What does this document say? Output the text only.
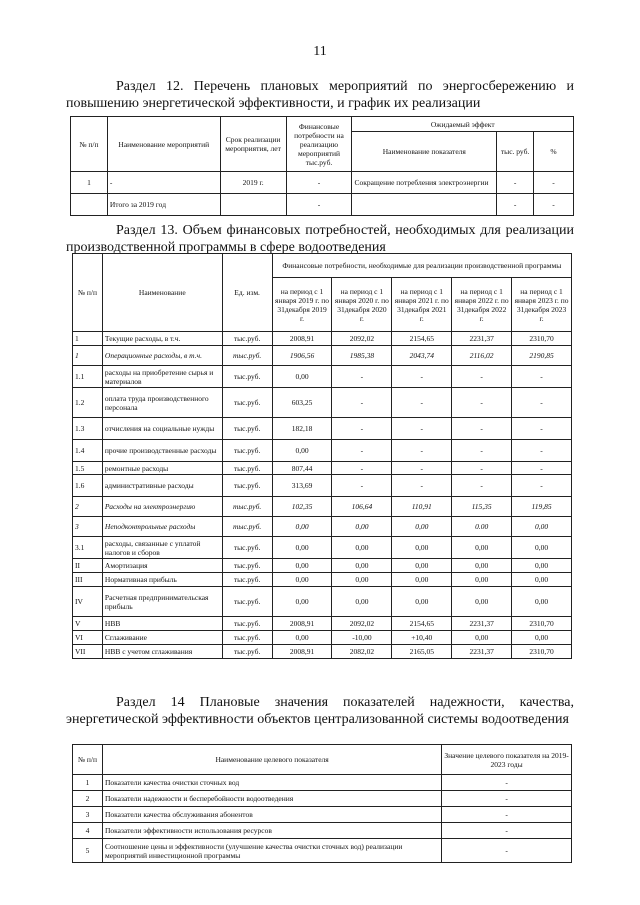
11
Раздел 12. Перечень плановых мероприятий по энергосбережению и повышению энергетической эффективности, и график их реализации
№ п/п	Наименование мероприятий	Срок реализации мероприятия, лет	Финансовые потребности на реализацию мероприятий тыс.руб.	Ожидаемый эффект		
				Наименование показателя	тыс. руб.	%
1	-	2019 г.	-	Сокращение потребления электроэнергии	-	-
	Итого за 2019 год		-		-	-
Раздел 13. Объем финансовых потребностей, необходимых для реализации производственной программы в сфере водоотведения
№ п/п	Наименование	Ед. изм.	Финансовые потребности, необходимые для реализации производственной программы				
			на период с 1 января 2019 г. по 31декабря 2019 г.	на период с 1 января 2020 г. по 31декабря 2020 г.	на период с 1 января 2021 г. по 31декабря 2021 г.	на период с 1 января 2022 г. по 31декабря 2022 г.	на период с 1 января 2023 г. по 31декабря 2023 г.
1	Текущие расходы, в т.ч.	тыс.руб.	2008,91	2092,02	2154,65	2231,37	2310,70
1	Операционные расходы, в т.ч.	тыс.руб.	1906,56	1985,38	2043,74	2116,02	2190,85
1.1	расходы на приобретение сырья и материалов	тыс.руб.	0,00	-	-	-	-
1.2	оплата труда производственного персонала	тыс.руб.	603,25	-	-	-	-
1.3	отчисления на социальные нужды	тыс.руб.	182,18	-	-	-	-
1.4	прочие производственные расходы	тыс.руб.	0,00	-	-	-	-
1.5	ремонтные расходы	тыс.руб.	807,44	-	-	-	-
1.6	административные расходы	тыс.руб.	313,69	-	-	-	-
2	Расходы на электроэнергию	тыс.руб.	102,35	106,64	110,91	115,35	119,85
3	Неподконтрольные расходы	тыс.руб.	0,00	0,00	0,00	0.00	0,00
3.1	расходы, связанные с уплатой налогов и сборов	тыс.руб.	0,00	0,00	0,00	0,00	0,00
II	Амортизация	тыс.руб.	0,00	0,00	0,00	0,00	0,00
III	Нормативная прибыль	тыс.руб.	0,00	0,00	0,00	0,00	0,00
IV	Расчетная предпринимательская прибыль	тыс.руб.	0,00	0,00	0,00	0,00	0,00
V	НВВ	тыс.руб.	2008,91	2092,02	2154,65	2231,37	2310,70
VI	Сглаживание	тыс.руб.	0,00	-10,00	+10,40	0,00	0,00
VII	НВВ с учетом сглаживания	тыс.руб.	2008,91	2082,02	2165,05	2231,37	2310,70
Раздел 14 Плановые значения показателей надежности, качества, энергетической эффективности объектов централизованной системы водоотведения
№ п/п	Наименование целевого показателя	Значение целевого показателя на 2019-2023 годы
1	Показатели качества очистки сточных вод	-
2	Показатели надежности и бесперебойности водоотведения	-
3	Показатели качества обслуживания абонентов	-
4	Показатели эффективности использования ресурсов	-
5	Соотношение цены и эффективности (улучшение качества очистки сточных вод) реализации мероприятий инвестиционной программы	-
